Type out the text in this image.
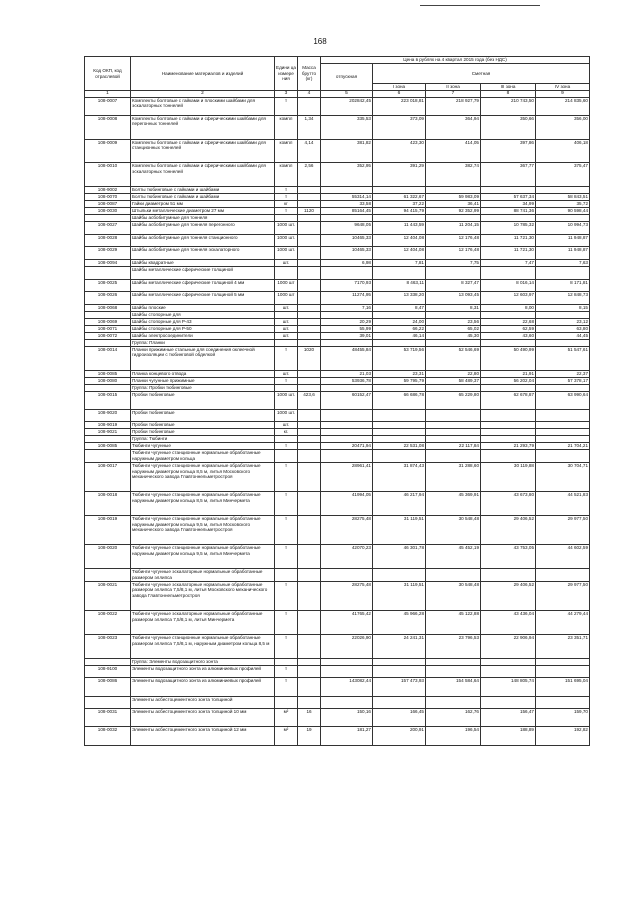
168
Код ОКП, код отраслевой	Наименование материалов и изделий	Едини ца измере ния	Масса брутто (кг)	Цена в рублях на 4 квартал 2015 года (без НДС)				
				отпускная	Сметная			
					I зона	II зона	III зона	IV зона
1	2	3	4	5	6	7	8	9
108-0007	Комплекты болтовые с гайками и плоскими шайбами для эскалаторных тоннелей	т		202842,45	223 018,81	218 927,79	210 743,50	214 835,60
108-0008	Комплекты болтовые с гайками и сферическими шайбами для перегонных тоннелей	компл	1,34	335,53	373,09	364,94	350,66	356,00
108-0009	Комплекты болтовые с гайками и сферическими шайбами для станционных тоннелей	компл	4,14	381,82	423,30	414,05	397,86	406,18
108-0010	Комплекты болтовые с гайками и сферическими шайбами для эскалаторных тоннелей	компл	2,56	352,95	391,29	382,74	367,77	375,47
108-9002	Болты тюбинговые с гайками и шайбами	т						
108-0070	Болты тюбинговые с гайками и шайбами	т		55314,14	61 322,67	59 983,09	57 637,34	58 843,51
108-0087	Гайки диаметром 51 мм	кг		33,58	37,22	36,41	34,99	35,72
108-0030	Штыльки металлические диаметром 27 мм	т	1120	85164,45	94 415,79	92 352,99	88 741,36	90 598,44
	Шайбы асбобитумные для тоннеля							
108-0027	Шайбы асбобитумные для тоннеля перегонного	1000 шт.		9648,05	11 443,59	11 204,15	10 785,32	10 994,73
108-0028	Шайбы асбобитумные для тоннеля станционного	1000 шт.		10465,33	12 404,08	12 176,48	11 721,30	11 948,87
108-0029	Шайбы асбобитумные для тоннеля эскалаторного	1000 шт.		10465,33	12 404,08	12 176,48	11 721,30	11 948,87
108-0094	Шайбы квадратные	шт.		6,98	7,81	7,75	7,47	7,63
	Шайбы металлические сферические толщиной							
108-0025	Шайбы металлические сферические толщиной 4 мм	1000 шт		7170,93	8 463,11	8 327,47	8 016,14	8 171,81
108-0026	Шайбы металлические сферические толщиной 5 мм	1000 шт		11274,95	13 338,20	13 093,45	12 603,97	12 848,73
108-0068	Шайбы плоские	шт.		7,16	8,47	8,31	8,00	8,15
	Шайбы стопорные для							
108-0069	Шайбы стопорные для Р-43	шт.		20,29	24,00	23,56	22,68	23,12
108-0071	Шайбы стопорные для Р-50	шт.		55,99	66,22	65,02	62,59	63,80
108-0072	Шайбы электросоединители	шт.		39,01	46,14	45,30	43,60	44,45
	Группа: Планки							
108-0014	Планки прижимные стальные для соединения оклеечной гидроизоляции с тюбинговой обделкой	т	1020	48455,84	53 719,56	52 546,69	50 490,99	51 547,61
108-0085	Планка концевого отвода	шт.		21,03	23,31	22,80	21,91	22,37
108-0080	Планки чугунные прижимные	т		53936,78	59 795,79	58 489,37	56 202,04	57 378,17
	Группа: Пробки тюбинговые							
108-0015	Пробки тюбинговые	1000 шт.	423,6	60152,47	66 686,78	65 229,80	62 678,87	63 990,64
108-9020	Пробки тюбинговые	1000 шт.						
108-9019	Пробки тюбинговые	шт.						
108-9021	Пробки тюбинговые	кг.						
	Группа: Тюбинги							
108-0085	Тюбинги чугунные	т		20471,94	22 531,08	22 117,84	21 293,79	21 704,21
	Тюбинги чугунные станционные нормальные обработанные наружным диаметром кольца							
108-0017	Тюбинги чугунные станционные нормальные обработанные наружным диаметром кольца 8,5 м, литья Московского механического завода Главтоннельметростроя	т		28961,41	31 874,43	31 288,60	30 119,88	30 704,71
108-0018	Тюбинги чугунные станционные нормальные обработанные наружным диаметром кольца 8,5 м, литья Минчермета	т		41994,05	46 217,94	45 369,91	43 673,80	44 521,83
108-0019	Тюбинги чугунные станционные нормальные обработанные наружным диаметром кольца 9,5 м, литья Московского механического завода Главтоннельметростроя	т		28275,48	31 119,51	30 548,48	29 406,52	29 977,50
108-0020	Тюбинги чугунные станционные нормальные обработанные наружным диаметром кольца 9,5 м, литья Минчермета	т		42070,23	46 301,78	45 452,19	43 753,05	44 602,59
	Тюбинги чугунные эскалаторные нормальные обработанные размером эллипса							
108-0021	Тюбинги чугунные эскалаторные нормальные обработанные размером эллипса 7,5/8,1 м, литья Московского механического завода Главтоннельметростроя	т		28275,48	31 119,51	30 548,48	29 406,52	29 977,50
108-0022	Тюбинги чугунные эскалаторные нормальные обработанные размером эллипса 7,5/8,1 м, литья Минчермета	т		41765,42	45 966,28	45 122,88	43 436,04	44 279,44
108-0023	Тюбинги чугунные станционные нормальные обработанные размером эллипса 7,5/8,1 м, наружным диаметром кольца 8,5 м	т		22026,90	24 241,31	23 796,53	22 906,94	23 351,71
	Группа: Элементы водозащитного зонта							
108-9100	Элементы водозащитного зонта из алюминиевых профилей	т						
108-0086	Элементы водозащитного зонта из алюминиевых профилей	т		143082,44	157 473,93	154 584,64	148 805,74	151 695,04
	Элементы асбестоцементного зонта толщиной							
108-0031	Элементы асбестоцементного зонта толщиной 10 мм	м²	16	150,16	166,45	162,76	156,47	159,70
108-0032	Элементы асбестоцементного зонта толщиной 12 мм	м²	19	181,27	200,91	196,54	188,89	192,82
